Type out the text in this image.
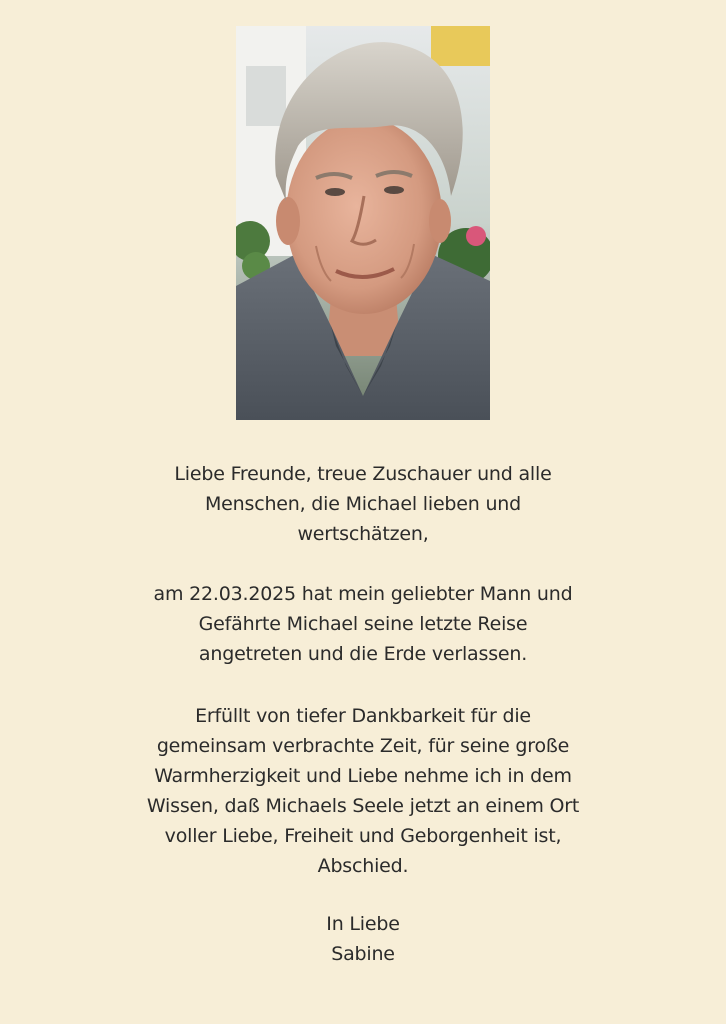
Liebe Freunde, treue Zuschauer und alle
Menschen, die Michael lieben und
wertschätzen,
am 22.03.2025 hat mein geliebter Mann und
Gefährte Michael seine letzte Reise
angetreten und die Erde verlassen.
Erfüllt von tiefer Dankbarkeit für die
gemeinsam verbrachte Zeit, für seine große
Warmherzigkeit und Liebe nehme ich in dem
Wissen, daß Michaels Seele jetzt an einem Ort
voller Liebe, Freiheit und Geborgenheit ist,
Abschied.
In Liebe
Sabine
